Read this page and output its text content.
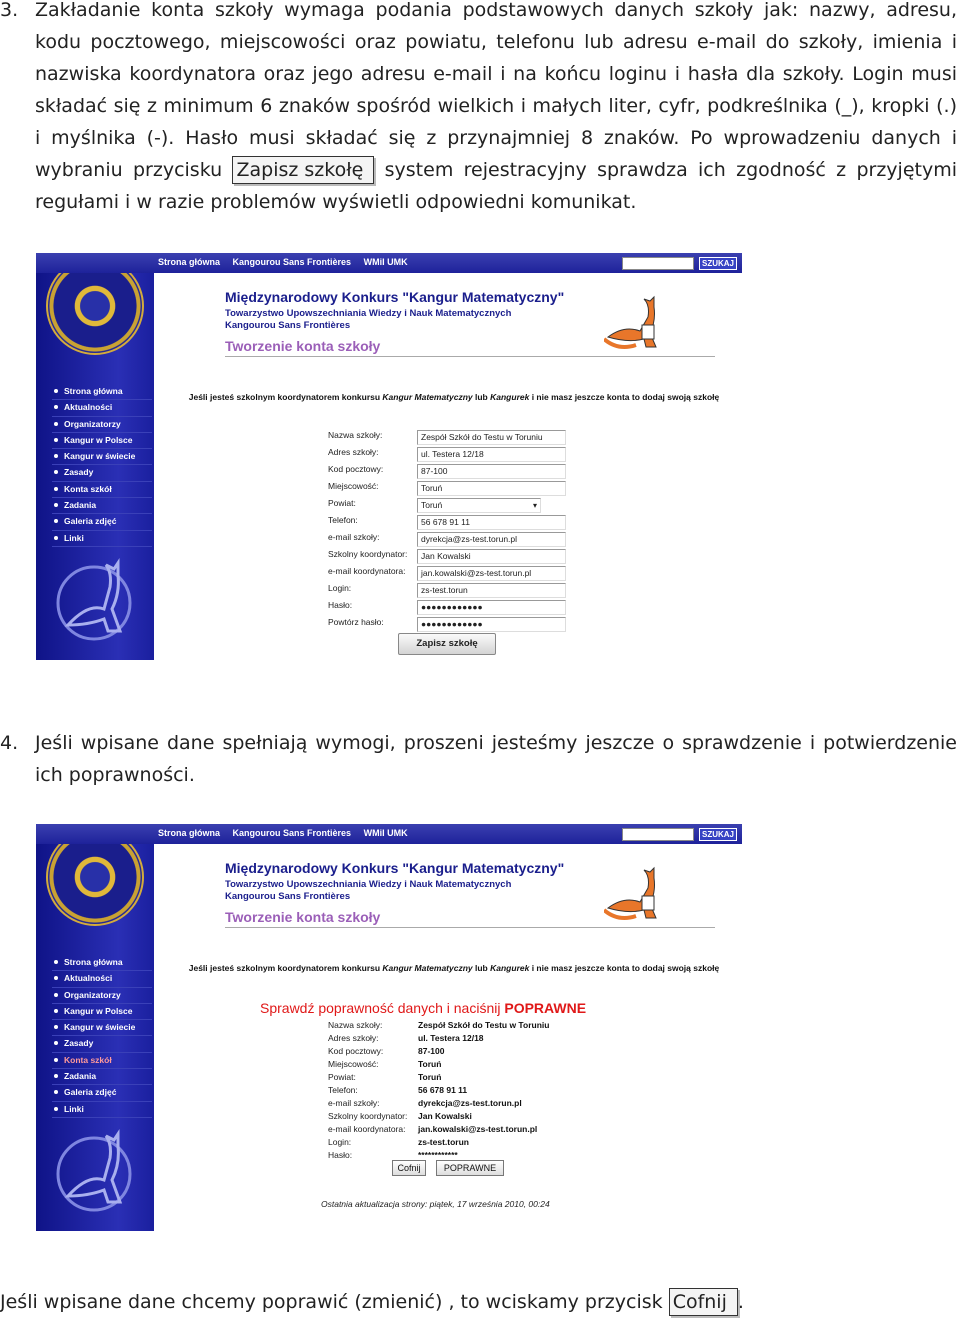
3. Zakładanie konta szkoły wymaga podania podstawowych danych szkoły jak: nazwy, adresu, kodu pocztowego, miejscowości oraz powiatu, telefonu lub adresu e-mail do szkoły, imienia i nazwiska koordynatora oraz jego adresu e-mail i na końcu loginu i hasła dla szkoły. Login musi składać się z minimum 6 znaków spośród wielkich i małych liter, cyfr, podkreślnika (_), kropki (.) i myślnika (-). Hasło musi składać się z przynajmniej 8 znaków. Po wprowadzeniu danych i wybraniu przycisku Zapisz szkołę system rejestracyjny sprawdza ich zgodność z przyjętymi regułami i w razie problemów wyświetli odpowiedni komunikat.
Strona główna Kangourou Sans Frontières WMiI UMK	SZUKAJ
Międzynarodowy Konkurs "Kangur Matematyczny"
Towarzystwo Upowszechniania Wiedzy i Nauk Matematycznych
Kangourou Sans Frontières
Tworzenie konta szkoły
Strona główna
Aktualności
Organizatorzy
Kangur w Polsce
Kangur w świecie
Zasady
Konta szkół
Zadania
Galeria zdjęć
Linki
Jeśli jesteś szkolnym koordynatorem konkursu Kangur Matematyczny lub Kangurek i nie masz jeszcze konta to dodaj swoją szkołę
Nazwa szkoły:	Zespół Szkół do Testu w Toruniu
Adres szkoły:	ul. Testera 12/18
Kod pocztowy:	87-100
Miejscowość:	Toruń
Powiat:	Toruń ▾
Telefon:	56 678 91 11
e-mail szkoły:	dyrekcja@zs-test.torun.pl
Szkolny koordynator:	Jan Kowalski
e-mail koordynatora:	jan.kowalski@zs-test.torun.pl
Login:	zs-test.torun
Hasło:	●●●●●●●●●●●●
Powtórz hasło:	●●●●●●●●●●●●
Zapisz szkołę
4. Jeśli wpisane dane spełniają wymogi, proszeni jesteśmy jeszcze o sprawdzenie i potwierdzenie ich poprawności.
Strona główna Kangourou Sans Frontières WMiI UMK	SZUKAJ
Międzynarodowy Konkurs "Kangur Matematyczny"
Towarzystwo Upowszechniania Wiedzy i Nauk Matematycznych
Kangourou Sans Frontières
Tworzenie konta szkoły
Strona główna
Aktualności
Organizatorzy
Kangur w Polsce
Kangur w świecie
Zasady
Konta szkół
Zadania
Galeria zdjęć
Linki
Jeśli jesteś szkolnym koordynatorem konkursu Kangur Matematyczny lub Kangurek i nie masz jeszcze konta to dodaj swoją szkołę
Sprawdź poprawność danych i naciśnij POPRAWNE
Nazwa szkoły:	Zespół Szkół do Testu w Toruniu
Adres szkoły:	ul. Testera 12/18
Kod pocztowy:	87-100
Miejscowość:	Toruń
Powiat:	Toruń
Telefon:	56 678 91 11
e-mail szkoły:	dyrekcja@zs-test.torun.pl
Szkolny koordynator: Jan Kowalski
e-mail koordynatora: jan.kowalski@zs-test.torun.pl
Login:	zs-test.torun
Hasło:	************
Cofnij	POPRAWNE
Ostatnia aktualizacja strony: piątek, 17 września 2010, 00:24
Jeśli wpisane dane chcemy poprawić (zmienić) , to wciskamy przycisk Cofnij .
